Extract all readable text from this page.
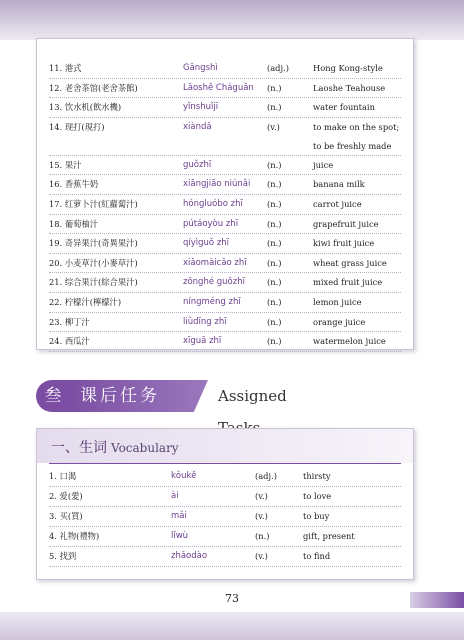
11. 港式	Gǎngshì	(adj.)	Hong Kong-style
12. 老舍茶馆(老舍茶館)	Lǎoshě Cháguǎn (n.)	Laoshe Teahouse
13. 饮水机(飲水機)	yǐnshuǐjī	(n.)	water fountain
14. 现打(現打)	xiàndǎ	(v.)	to make on the spot;
to be freshly made
15. 果汁	guǒzhī	(n.)	juice
16. 香蕉牛奶	xiāngjiāo niúnǎi (n.)	banana milk
17. 红萝卜汁(紅蘿蔔汁)	hóngluóbo zhī	(n.)	carrot juice
18. 葡萄柚汁	pútáoyòu zhī	(n.)	grapefruit juice
19. 奇异果汁(奇異果汁)	qíyìguǒ zhī	(n.)	kiwi fruit juice
20. 小麦草汁(小麥草汁)	xiǎomàicǎo zhī (n.)	wheat grass juice
21. 综合果汁(綜合果汁)	zōnghé guǒzhī	(n.)	mixed fruit juice
22. 柠檬汁(檸檬汁)	níngméng zhī	(n.)	lemon juice
23. 柳丁汁	liǔdīng zhī	(n.)	orange juice
24. 西瓜汁	xīguā zhī	(n.)	watermelon juice
叁	课后任务	Assigned
一、生词 Vocabulary
1. 口渴	kǒukě	(adj.)	thirsty
2. 爱(愛)	ài	(v.)	to love
3. 买(買)	mǎi	(v.)	to buy
4. 礼物(禮物)	lǐwù	(n.)	gift, present
5. 找到	zhǎodào	(v.)	to find
73
